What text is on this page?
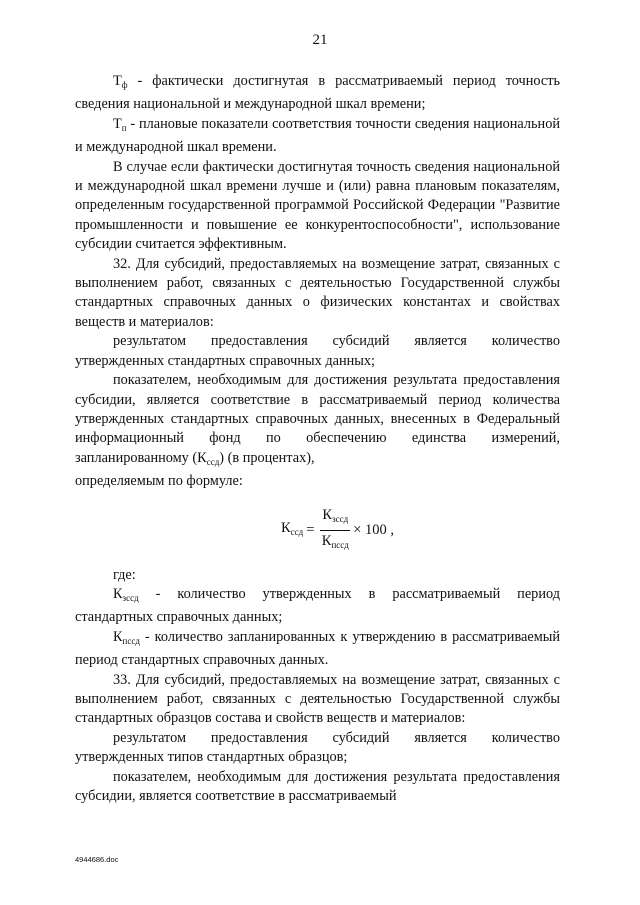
21

$Т_ф$ - фактически достигнутая в рассматриваемый период точность сведения национальной и международной шкал времени;

$Т_п$ - плановые показатели соответствия точности сведения национальной и международной шкал времени.

В случае если фактически достигнутая точность сведения национальной и международной шкал времени лучше и (или) равна плановым показателям, определенным государственной программой Российской Федерации "Развитие промышленности и повышение ее конкурентоспособности", использование субсидии считается эффективным.

32. Для субсидий, предоставляемых на возмещение затрат, связанных с выполнением работ, связанных с деятельностью Государственной службы стандартных справочных данных о физических константах и свойствах веществ и материалов:

результатом предоставления субсидий является количество утвержденных стандартных справочных данных;

показателем, необходимым для достижения результата предоставления субсидии, является соответствие в рассматриваемый период количества утвержденных стандартных справочных данных, внесенных в Федеральный информационный фонд по обеспечению единства измерений, запланированному $(К_{ссд})$ (в процентах),

определяемым по формуле:

$К_{ссд} = \frac{К_{зссд}}{К_{пссд}} \times 100$ ,

где:

$К_{зссд}$ - количество утвержденных в рассматриваемый период стандартных справочных данных;

$К_{пссд}$ - количество запланированных к утверждению в рассматриваемый период стандартных справочных данных.

33. Для субсидий, предоставляемых на возмещение затрат, связанных с выполнением работ, связанных с деятельностью Государственной службы стандартных образцов состава и свойств веществ и материалов:

результатом предоставления субсидий является количество утвержденных типов стандартных образцов;

показателем, необходимым для достижения результата предоставления субсидии, является соответствие в рассматриваемый

4944686.doc
